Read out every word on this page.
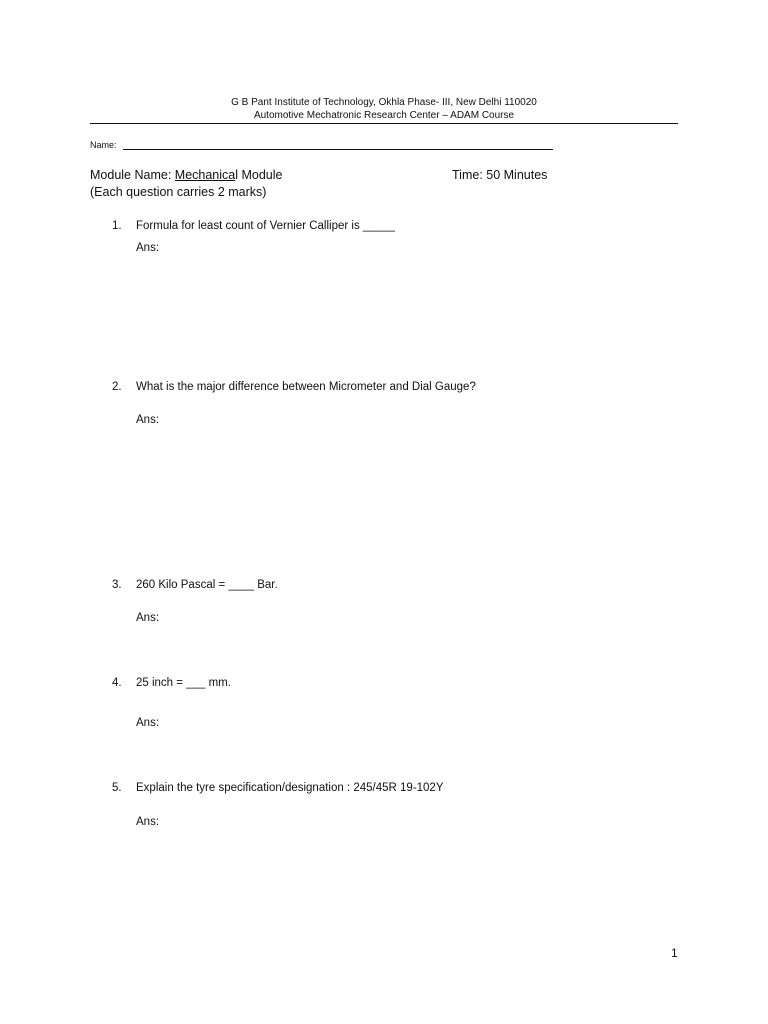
G B Pant Institute of Technology, Okhla Phase- III, New Delhi 110020
Automotive Mechatronic Research Center – ADAM Course
Name:
Module Name: Mechanical Module	Time: 50 Minutes
(Each question carries 2 marks)
1.	Formula for least count of Vernier Calliper is _____
Ans:
2.	What is the major difference between Micrometer and Dial Gauge?
Ans:
3.	260 Kilo Pascal = ____ Bar.
Ans:
4.	25 inch = ___ mm.
Ans:
5.	Explain the tyre specification/designation : 245/45R 19-102Y
Ans:
1
